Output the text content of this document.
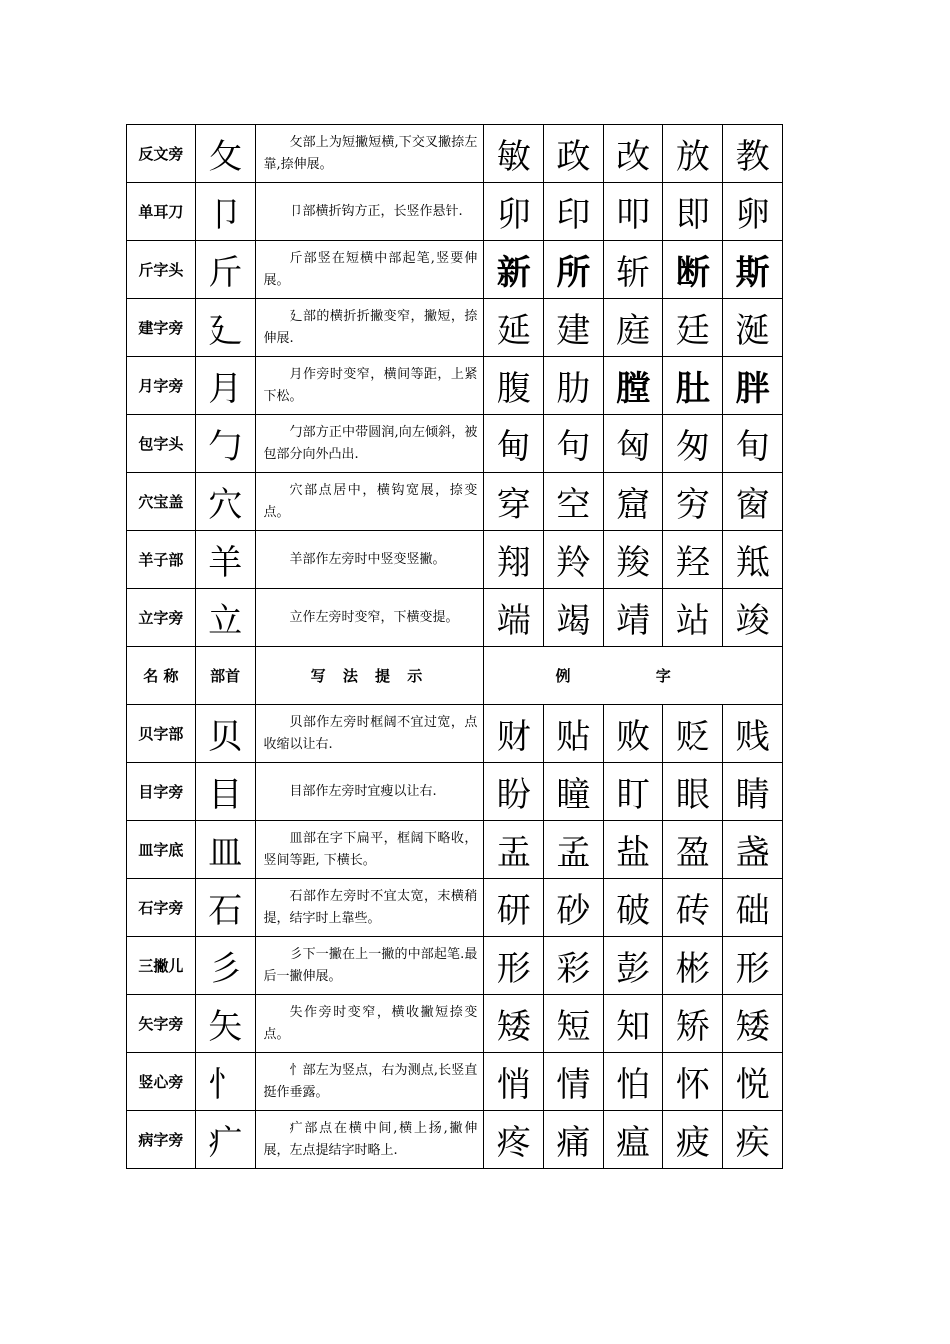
反文旁	攵	攵部上为短撇短横,下交叉撇捺左靠,捺伸展。	敏	政	改	放	教
单耳刀	卩	卩部横折钩方正，长竖作悬针.	卯	印	叩	即	卵
斤字头	斤	斤部竖在短横中部起笔,竖要伸展。	新	所	斩	断	斯
建字旁	廴	廴部的横折折撇变窄，撇短，捺伸展.	延	建	庭	廷	涎
月字旁	月	月作旁时变窄，横间等距，上紧下松。	腹	肋	膛	肚	胖
包字头	勹	勹部方正中带圆润,向左倾斜，被包部分向外凸出.	甸	句	匈	匆	旬
穴宝盖	穴	穴部点居中，横钩宽展，捺变点。	穿	空	窟	穷	窗
羊子部	羊	羊部作左旁时中竖变竖撇。	翔	羚	羧	羟	羝
立字旁	立	立作左旁时变窄，下横变提。	端	竭	靖	站	竣
名 称	部首	写 法 提 示	例 字				
贝字部	贝	贝部作左旁时框阔不宜过宽，点收缩以让右.	财	贴	败	贬	贱
目字旁	目	目部作左旁时宜瘦以让右.	盼	瞳	盯	眼	睛
皿字底	皿	皿部在字下扁平，框阔下略收，竖间等距, 下横长。	盂	孟	盐	盈	盏
石字旁	石	石部作左旁时不宜太宽，末横稍提，结字时上靠些。	研	砂	破	砖	础
三撇儿	彡	彡下一撇在上一撇的中部起笔.最后一撇伸展。	形	彩	彭	彬	形
矢字旁	矢	失作旁时变窄，横收撇短捺变点。	矮	短	知	矫	矮
竖心旁	忄	忄部左为竖点，右为测点,长竖直挺作垂露。	悄	情	怕	怀	悦
病字旁	疒	疒部点在横中间,横上扬,撇伸展，左点提结字时略上.	疼	痛	瘟	疲	疾
